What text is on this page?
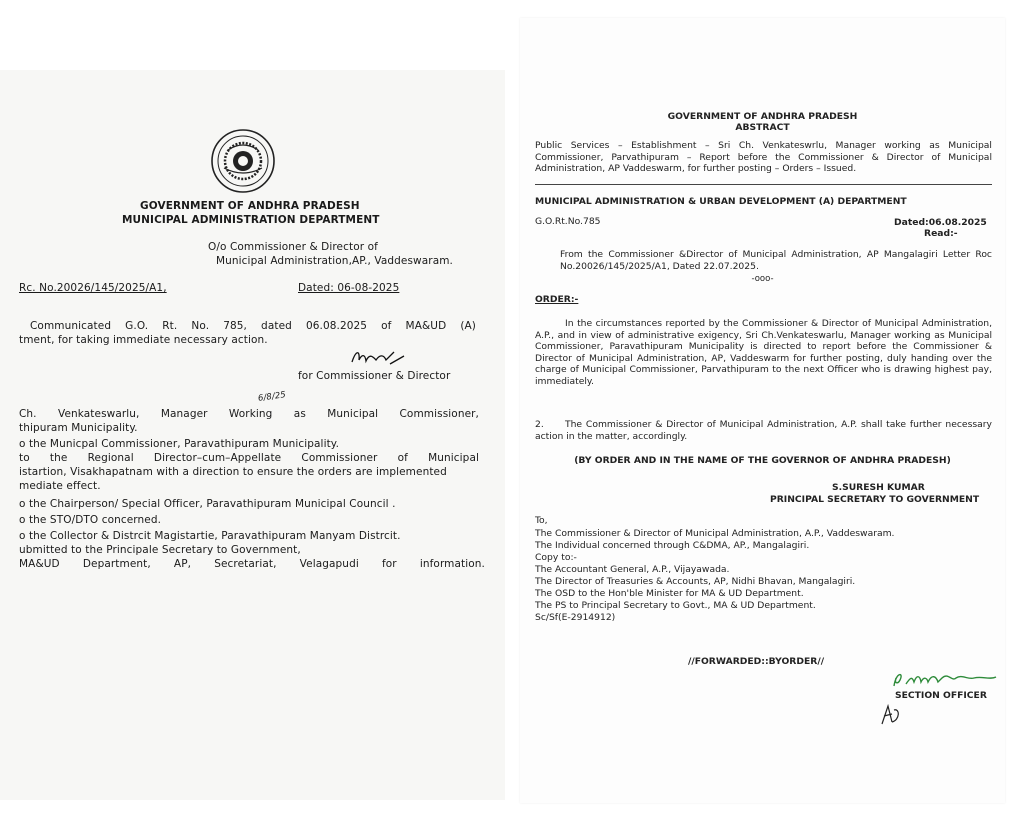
GOVERNMENT OF ANDHRA PRADESH
MUNICIPAL ADMINISTRATION DEPARTMENT
O/o Commissioner & Director of
Municipal Administration,AP., Vaddeswaram.
Rc. No.20026/145/2025/A1,	Dated: 06-08-2025
Communicated G.O. Rt. No. 785, dated 06.08.2025 of MA&UD (A)
tment, for taking immediate necessary action.
for Commissioner & Director
6/8/25
Ch. Venkateswarlu, Manager Working as Municipal Commissioner,
thipuram Municipality.
o the Municpal Commissioner, Paravathipuram Municipality.
to the Regional Director–cum–Appellate Commissioner of Municipal
istartion, Visakhapatnam with a direction to ensure the orders are implemented
mediate effect.
o the Chairperson/ Special Officer, Paravathipuram Municipal Council .
o the STO/DTO concerned.
o the Collector & Distrcit Magistartie, Paravathipuram Manyam Distrcit.
ubmitted to the Principale Secretary to Government,
MA&UD Department, AP, Secretariat, Velagapudi for information.
GOVERNMENT OF ANDHRA PRADESH
ABSTRACT
Public Services – Establishment – Sri Ch. Venkateswrlu, Manager working as Municipal Commissioner, Parvathipuram – Report before the Commissioner & Director of Municipal Administration, AP Vaddeswarm, for further posting – Orders – Issued.
MUNICIPAL ADMINISTRATION & URBAN DEVELOPMENT (A) DEPARTMENT
G.O.Rt.No.785	Dated:06.08.2025
Read:-
From the Commissioner &Director of Municipal Administration, AP Mangalagiri Letter Roc No.20026/145/2025/A1, Dated 22.07.2025.
-ooo-
ORDER:-
In the circumstances reported by the Commissioner & Director of Municipal Administration, A.P., and in view of administrative exigency, Sri Ch.Venkateswarlu, Manager working as Municipal Commissioner, Paravathipuram Municipality is directed to report before the Commissioner & Director of Municipal Administration, AP, Vaddeswarm for further posting, duly handing over the charge of Municipal Commissioner, Parvathipuram to the next Officer who is drawing highest pay, immediately.
2.	The Commissioner & Director of Municipal Administration, A.P. shall take further necessary action in the matter, accordingly.
(BY ORDER AND IN THE NAME OF THE GOVERNOR OF ANDHRA PRADESH)
S.SURESH KUMAR
PRINCIPAL SECRETARY TO GOVERNMENT
To,
The Commissioner & Director of Municipal Administration, A.P., Vaddeswaram.
The Individual concerned through C&DMA, AP., Mangalagiri.
Copy to:-
The Accountant General, A.P., Vijayawada.
The Director of Treasuries & Accounts, AP, Nidhi Bhavan, Mangalagiri.
The OSD to the Hon'ble Minister for MA & UD Department.
The PS to Principal Secretary to Govt., MA & UD Department.
Sc/Sf(E-2914912)
//FORWARDED::BYORDER//
SECTION OFFICER
